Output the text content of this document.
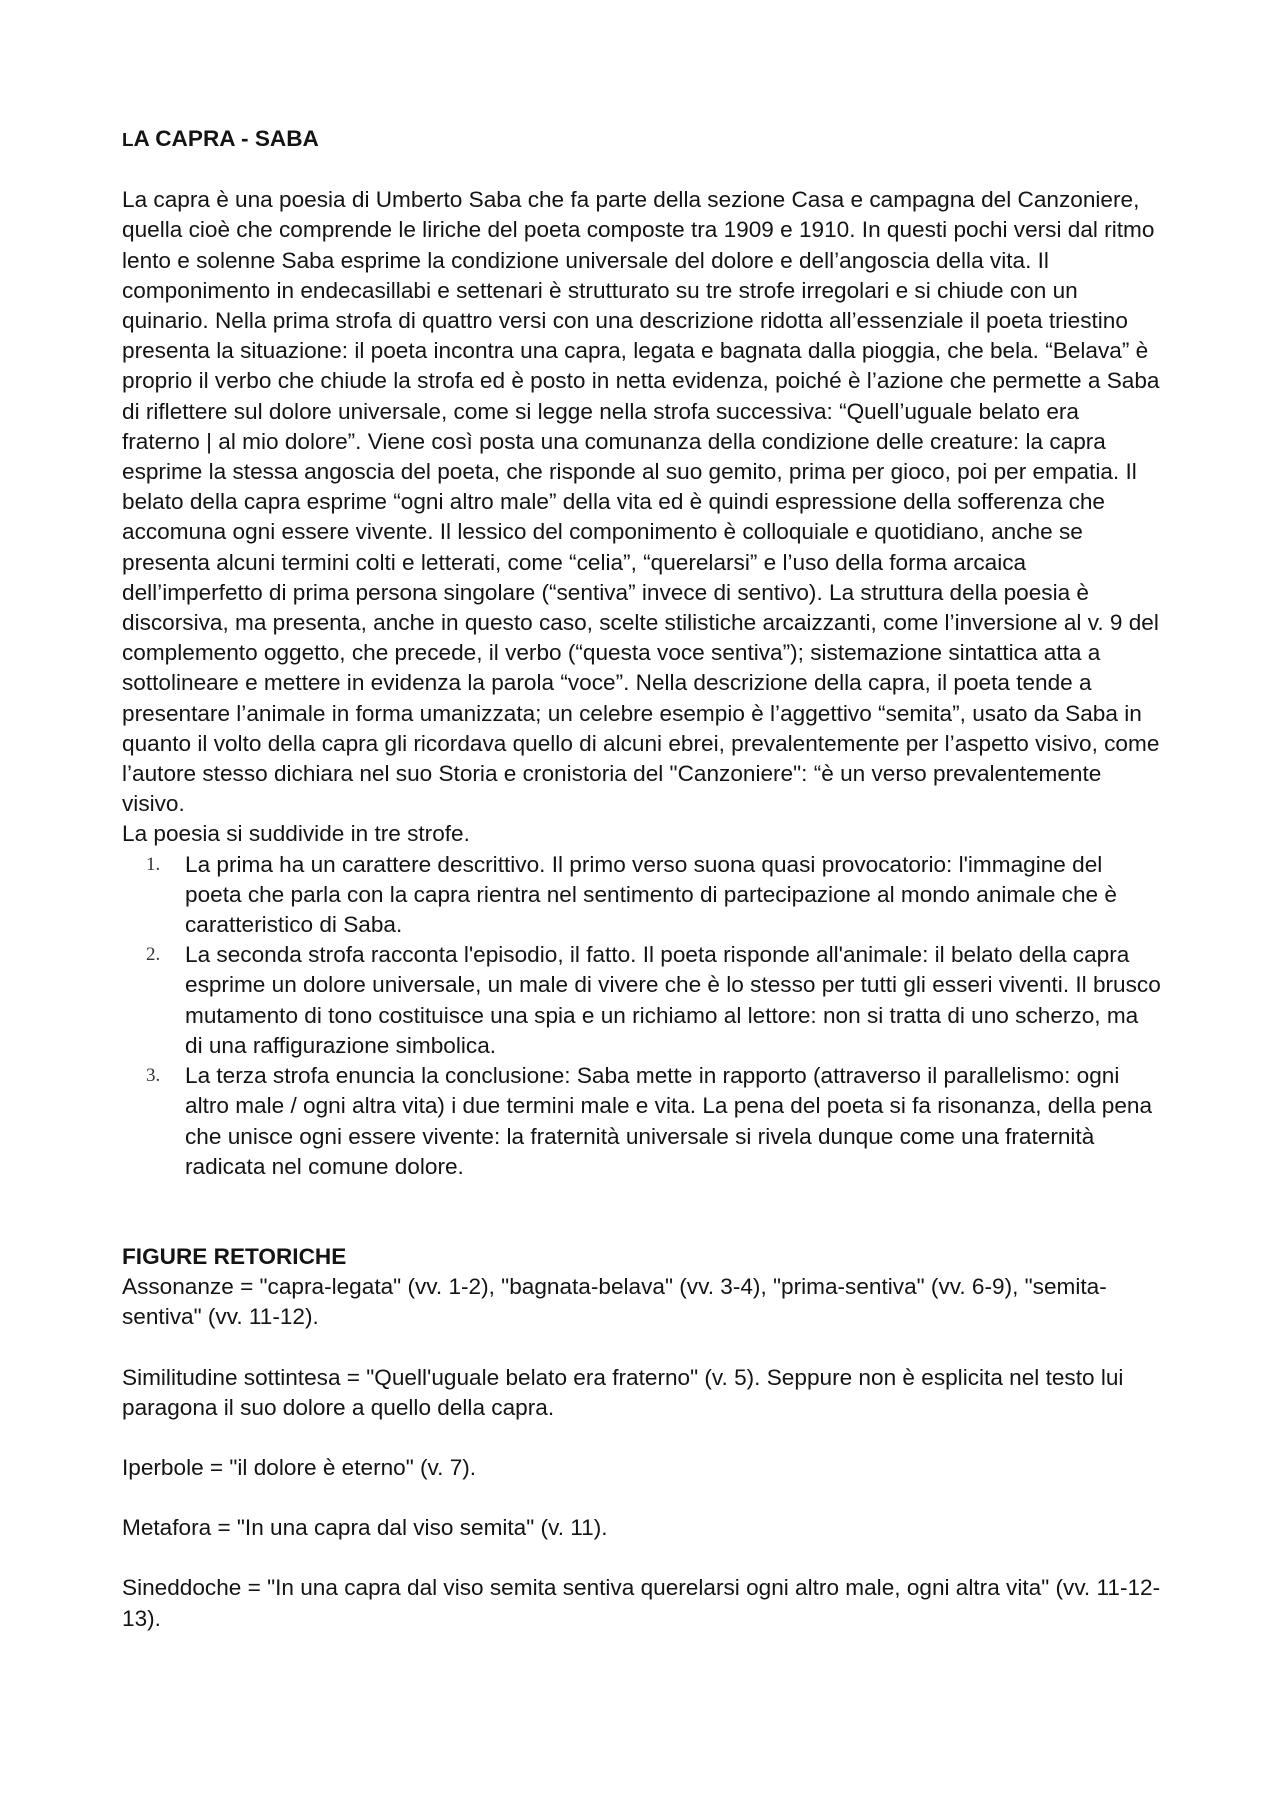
LA CAPRA - SABA

La capra è una poesia di Umberto Saba che fa parte della sezione Casa e campagna del Canzoniere, quella cioè che comprende le liriche del poeta composte tra 1909 e 1910. In questi pochi versi dal ritmo lento e solenne Saba esprime la condizione universale del dolore e dell’angoscia della vita. Il componimento in endecasillabi e settenari è strutturato su tre strofe irregolari e si chiude con un quinario. Nella prima strofa di quattro versi con una descrizione ridotta all’essenziale il poeta triestino presenta la situazione: il poeta incontra una capra, legata e bagnata dalla pioggia, che bela. “Belava” è proprio il verbo che chiude la strofa ed è posto in netta evidenza, poiché è l’azione che permette a Saba di riflettere sul dolore universale, come si legge nella strofa successiva: “Quell’uguale belato era fraterno | al mio dolore”. Viene così posta una comunanza della condizione delle creature: la capra esprime la stessa angoscia del poeta, che risponde al suo gemito, prima per gioco, poi per empatia. Il belato della capra esprime “ogni altro male” della vita ed è quindi espressione della sofferenza che accomuna ogni essere vivente. Il lessico del componimento è colloquiale e quotidiano, anche se presenta alcuni termini colti e letterati, come “celia”, “querelarsi” e l’uso della forma arcaica dell’imperfetto di prima persona singolare (“sentiva” invece di sentivo). La struttura della poesia è discorsiva, ma presenta, anche in questo caso, scelte stilistiche arcaizzanti, come l’inversione al v. 9 del complemento oggetto, che precede, il verbo (“questa voce sentiva”); sistemazione sintattica atta a sottolineare e mettere in evidenza la parola “voce”. Nella descrizione della capra, il poeta tende a presentare l’animale in forma umanizzata; un celebre esempio è l’aggettivo “semita”, usato da Saba in quanto il volto della capra gli ricordava quello di alcuni ebrei, prevalentemente per l’aspetto visivo, come l’autore stesso dichiara nel suo Storia e cronistoria del "Canzoniere": “è un verso prevalentemente visivo.

La poesia si suddivide in tre strofe.

1. La prima ha un carattere descrittivo. Il primo verso suona quasi provocatorio: l'immagine del poeta che parla con la capra rientra nel sentimento di partecipazione al mondo animale che è caratteristico di Saba.
2. La seconda strofa racconta l'episodio, il fatto. Il poeta risponde all'animale: il belato della capra esprime un dolore universale, un male di vivere che è lo stesso per tutti gli esseri viventi. Il brusco mutamento di tono costituisce una spia e un richiamo al lettore: non si tratta di uno scherzo, ma di una raffigurazione simbolica.
3. La terza strofa enuncia la conclusione: Saba mette in rapporto (attraverso il parallelismo: ogni altro male / ogni altra vita) i due termini male e vita. La pena del poeta si fa risonanza, della pena che unisce ogni essere vivente: la fraternità universale si rivela dunque come una fraternità radicata nel comune dolore.

FIGURE RETORICHE

Assonanze = "capra-legata" (vv. 1-2), "bagnata-belava" (vv. 3-4), "prima-sentiva" (vv. 6-9), "semita-sentiva" (vv. 11-12).

Similitudine sottintesa = "Quell'uguale belato era fraterno" (v. 5). Seppure non è esplicita nel testo lui paragona il suo dolore a quello della capra.

Iperbole = "il dolore è eterno" (v. 7).

Metafora = "In una capra dal viso semita" (v. 11).

Sineddoche = "In una capra dal viso semita sentiva querelarsi ogni altro male, ogni altra vita" (vv. 11-12-13).
